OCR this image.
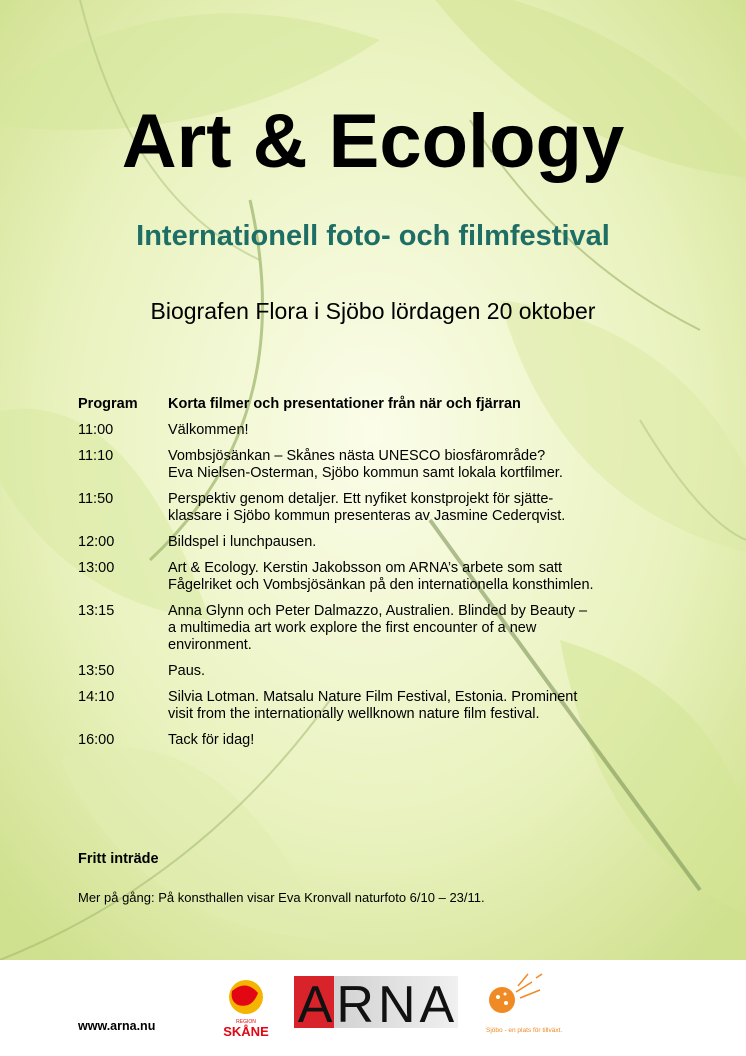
Art & Ecology
Internationell foto- och filmfestival
Biografen Flora i Sjöbo lördagen 20 oktober
Program	Korta filmer och presentationer från när och fjärran
11:00	Välkommen!
11:10	Vombsjösänkan – Skånes nästa UNESCO biosfärområde?
Eva Nielsen-Osterman, Sjöbo kommun samt lokala kortfilmer.
11:50	Perspektiv genom detaljer. Ett nyfiket konstprojekt för sjätte-
klassare i Sjöbo kommun presenteras av Jasmine Cederqvist.
12:00	Bildspel i lunchpausen.
13:00	Art & Ecology. Kerstin Jakobsson om ARNA’s arbete som satt
Fågelriket och Vombsjösänkan på den internationella konsthimlen.
13:15	Anna Glynn och Peter Dalmazzo, Australien. Blinded by Beauty –
a multimedia art work explore the first encounter of a new
environment.
13:50	Paus.
14:10	Silvia Lotman. Matsalu Nature Film Festival, Estonia. Prominent
visit from the internationally wellknown nature film festival.
16:00	Tack för idag!
Fritt inträde
Mer på gång: På konsthallen visar Eva Kronvall naturfoto 6/10 – 23/11.
www.arna.nu	REGION
SKÅNE ARNA	Sjöbo - en plats för tillväxt.
